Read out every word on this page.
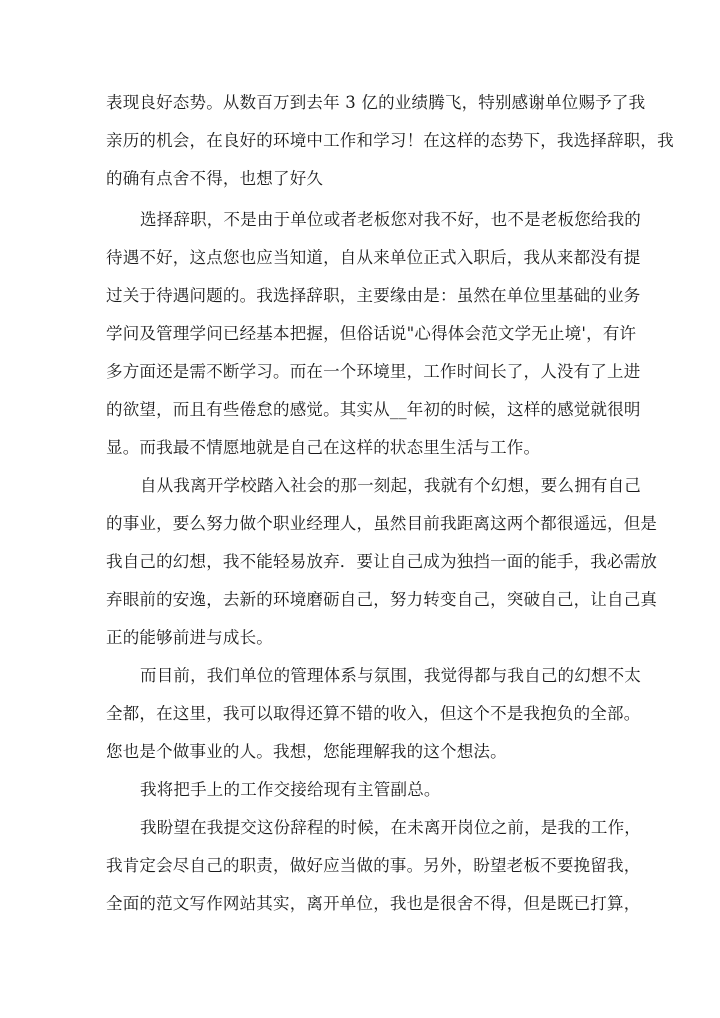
表现良好态势。从数百万到去年 3 亿的业绩腾飞，特别感谢单位赐予了我
亲历的机会，在良好的环境中工作和学习！在这样的态势下，我选择辞职，我
的确有点舍不得，也想了好久
选择辞职，不是由于单位或者老板您对我不好，也不是老板您给我的
待遇不好，这点您也应当知道，自从来单位正式入职后，我从来都没有提
过关于待遇问题的。我选择辞职，主要缘由是：虽然在单位里基础的业务
学问及管理学问已经基本把握，但俗话说"心得体会范文学无止境'，有许
多方面还是需不断学习。而在一个环境里，工作时间长了，人没有了上进
的欲望，而且有些倦怠的感觉。其实从__年初的时候，这样的感觉就很明
显。而我最不情愿地就是自己在这样的状态里生活与工作。
自从我离开学校踏入社会的那一刻起，我就有个幻想，要么拥有自己
的事业，要么努力做个职业经理人，虽然目前我距离这两个都很遥远，但是
我自己的幻想，我不能轻易放弃．要让自己成为独挡一面的能手，我必需放
弃眼前的安逸，去新的环境磨砺自己，努力转变自己，突破自己，让自己真
正的能够前进与成长。
而目前，我们单位的管理体系与氛围，我觉得都与我自己的幻想不太
全都，在这里，我可以取得还算不错的收入，但这个不是我抱负的全部。
您也是个做事业的人。我想，您能理解我的这个想法。
我将把手上的工作交接给现有主管副总。
我盼望在我提交这份辞程的时候，在未离开岗位之前，是我的工作，
我肯定会尽自己的职责，做好应当做的事。另外，盼望老板不要挽留我，
全面的范文写作网站其实，离开单位，我也是很舍不得，但是既已打算，
